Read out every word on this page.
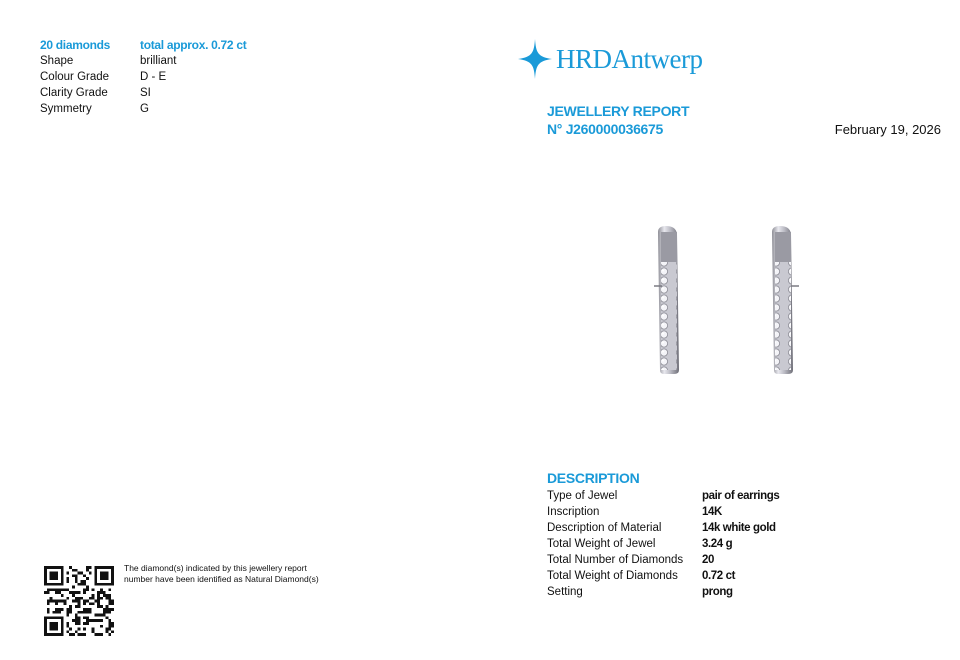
20 diamonds	total approx. 0.72 ct
Shape	brilliant
Colour Grade	D - E
Clarity Grade	SI
Symmetry	G
HRDAntwerp
JEWELLERY REPORT
N° J260000036675	February 19, 2026
DESCRIPTION
Type of Jewel	pair of earrings
Inscription	14K
Description of Material	14k white gold
Total Weight of Jewel	3.24 g
Total Number of Diamonds	20
Total Weight of Diamonds	0.72 ct
Setting	prong
The diamond(s) indicated by this jewellery report number have been identified as Natural Diamond(s)
